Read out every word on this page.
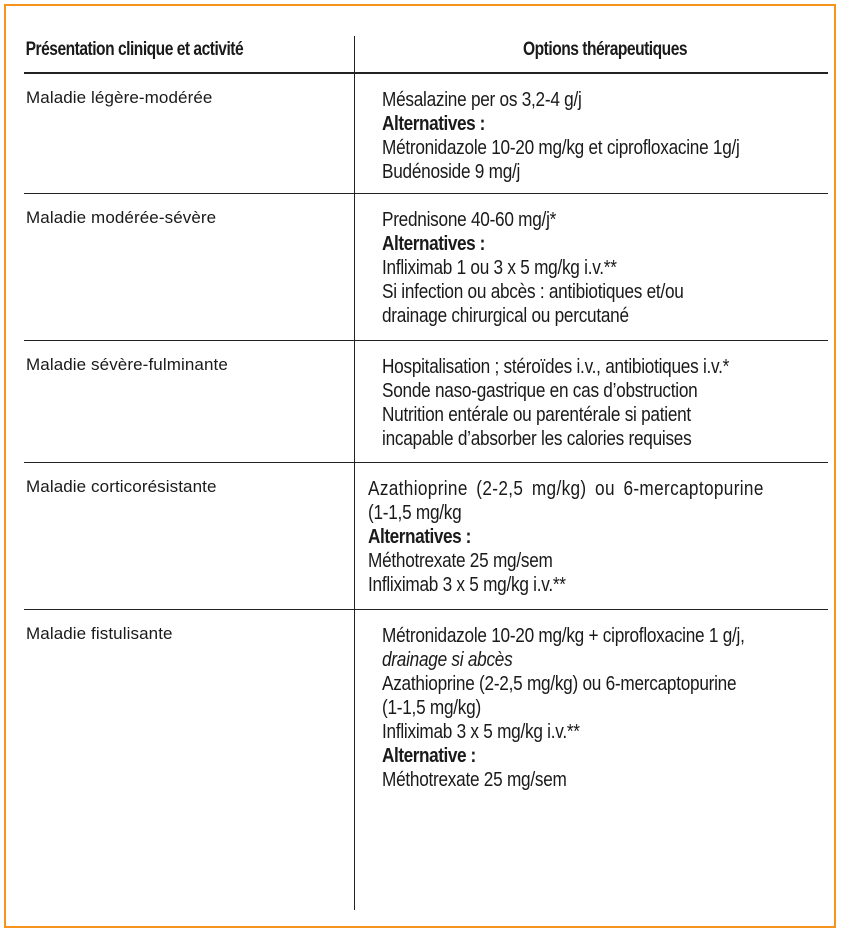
Présentation clinique et activité	Options thérapeutiques
Maladie légère-modérée	Mésalazine per os 3,2-4 g/j
Alternatives :
Métronidazole 10-20 mg/kg et ciprofloxacine 1g/j
Budénoside 9 mg/j
Maladie modérée-sévère	Prednisone 40-60 mg/j*
Alternatives :
Infliximab 1 ou 3 x 5 mg/kg i.v.**
Si infection ou abcès : antibiotiques et/ou
drainage chirurgical ou percutané
Maladie sévère-fulminante	Hospitalisation ; stéroïdes i.v., antibiotiques i.v.*
Sonde naso-gastrique en cas d’obstruction
Nutrition entérale ou parentérale si patient
incapable d’absorber les calories requises
Maladie corticorésistante	Azathioprine (2-2,5 mg/kg) ou 6-mercaptopurine
(1-1,5 mg/kg
Alternatives :
Méthotrexate 25 mg/sem
Infliximab 3 x 5 mg/kg i.v.**
Maladie fistulisante	Métronidazole 10-20 mg/kg + ciprofloxacine 1 g/j,
drainage si abcès
Azathioprine (2-2,5 mg/kg) ou 6-mercaptopurine
(1-1,5 mg/kg)
Infliximab 3 x 5 mg/kg i.v.**
Alternative :
Méthotrexate 25 mg/sem
